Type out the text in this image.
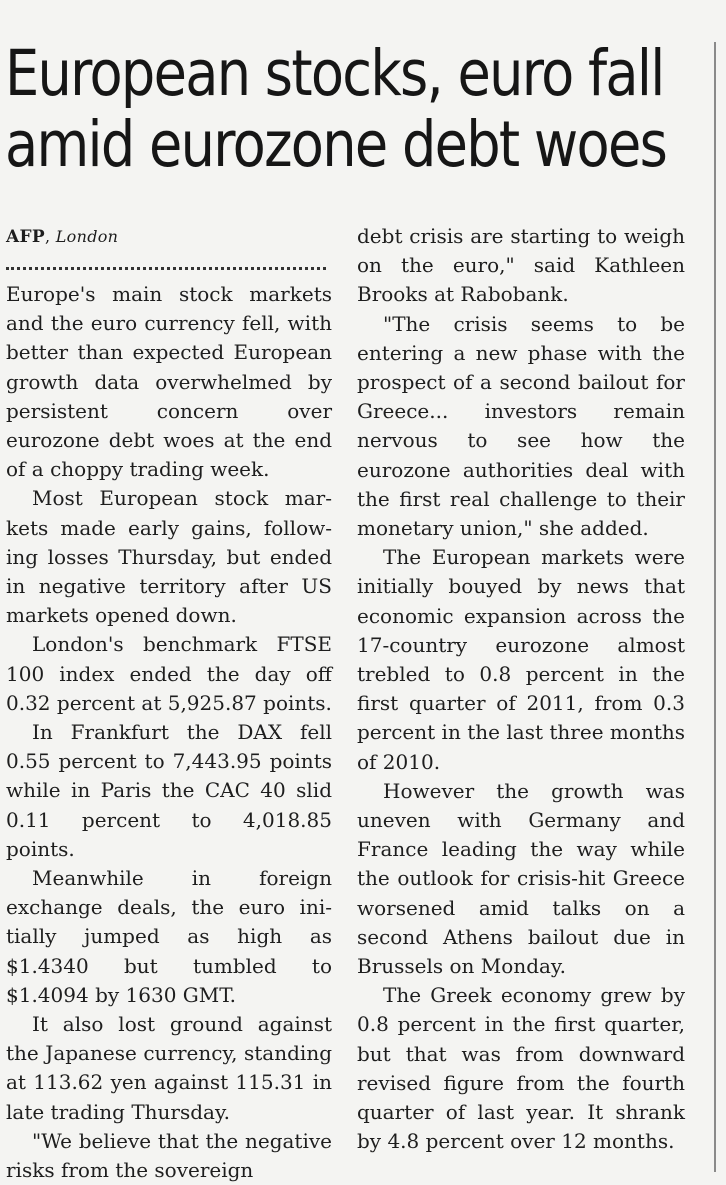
European stocks, euro fall
amid eurozone debt woes
AFP, London

Europe's main stock markets and the euro currency fell, with better than expected European growth data overwhelmed by persistent concern over eurozone debt woes at the end of a choppy trading week.

Most European stock markets made early gains, following losses Thursday, but ended in negative territory after US markets opened down.

London's benchmark FTSE 100 index ended the day off 0.32 percent at 5,925.87 points.

In Frankfurt the DAX fell 0.55 percent to 7,443.95 points while in Paris the CAC 40 slid 0.11 percent to 4,018.85 points.

Meanwhile in foreign exchange deals, the euro initially jumped as high as $1.4340 but tumbled to $1.4094 by 1630 GMT.

It also lost ground against the Japanese currency, standing at 113.62 yen against 115.31 in late trading Thursday.

"We believe that the negative risks from the sovereign

debt crisis are starting to weigh on the euro," said Kathleen Brooks at Rabobank.

"The crisis seems to be entering a new phase with the prospect of a second bailout for Greece... investors remain nervous to see how the eurozone authorities deal with the first real challenge to their monetary union," she added.

The European markets were initially bouyed by news that economic expansion across the 17-country eurozone almost trebled to 0.8 percent in the first quarter of 2011, from 0.3 percent in the last three months of 2010.

However the growth was uneven with Germany and France leading the way while the outlook for crisis-hit Greece worsened amid talks on a second Athens bailout due in Brussels on Monday.

The Greek economy grew by 0.8 percent in the first quarter, but that was from downward revised figure from the fourth quarter of last year. It shrank by 4.8 percent over 12 months.
